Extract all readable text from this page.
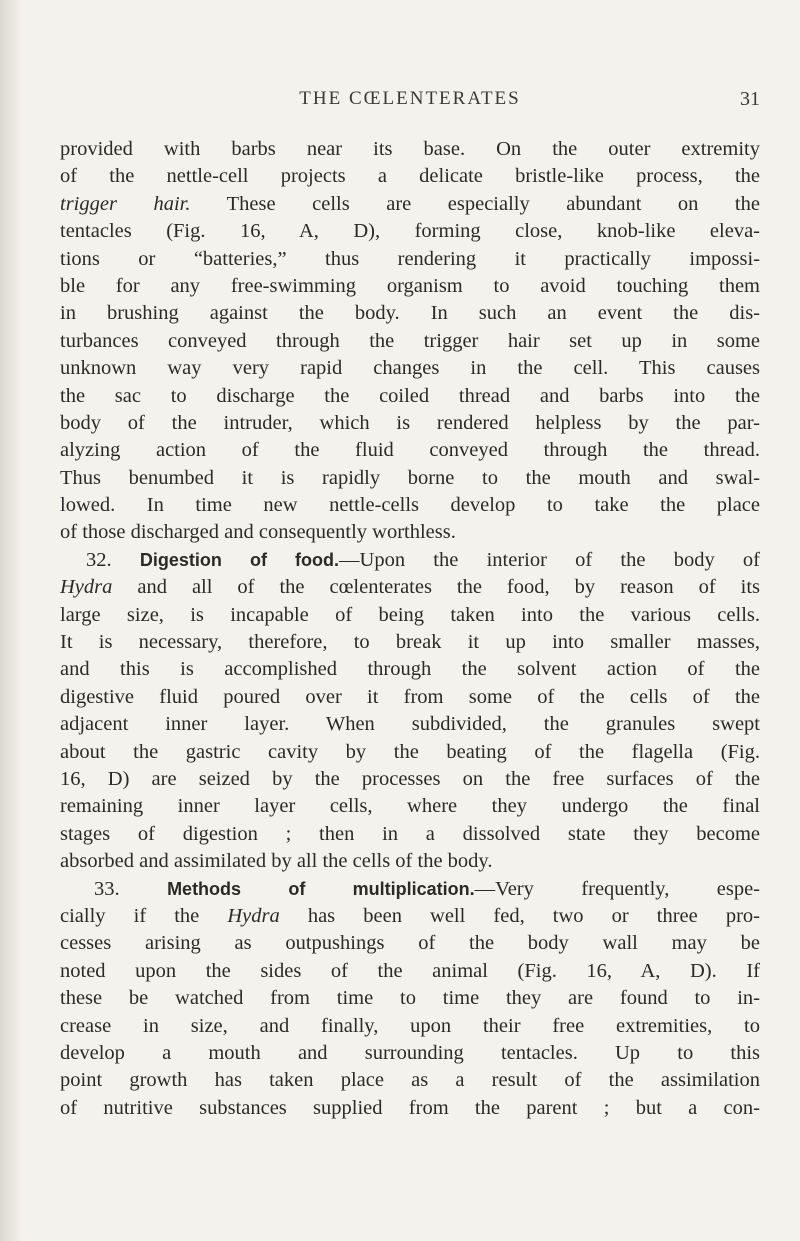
THE CŒLENTERATES	31
provided with barbs near its base. On the outer extremity
of the nettle-cell projects a delicate bristle-like process, the
trigger hair. These cells are especially abundant on the
tentacles (Fig. 16, A, D), forming close, knob-like eleva-
tions or “batteries,” thus rendering it practically impossi-
ble for any free-swimming organism to avoid touching them
in brushing against the body. In such an event the dis-
turbances conveyed through the trigger hair set up in some
unknown way very rapid changes in the cell. This causes
the sac to discharge the coiled thread and barbs into the
body of the intruder, which is rendered helpless by the par-
alyzing action of the fluid conveyed through the thread.
Thus benumbed it is rapidly borne to the mouth and swal-
lowed. In time new nettle-cells develop to take the place
of those discharged and consequently worthless.
32. Digestion of food.—Upon the interior of the body of
Hydra and all of the cœlenterates the food, by reason of its
large size, is incapable of being taken into the various cells.
It is necessary, therefore, to break it up into smaller masses,
and this is accomplished through the solvent action of the
digestive fluid poured over it from some of the cells of the
adjacent inner layer. When subdivided, the granules swept
about the gastric cavity by the beating of the flagella (Fig.
16, D) are seized by the processes on the free surfaces of the
remaining inner layer cells, where they undergo the final
stages of digestion ; then in a dissolved state they become
absorbed and assimilated by all the cells of the body.
33.	Methods of multiplication.—Very frequently, espe-
cially if the Hydra has been well fed, two or three pro-
cesses arising as outpushings of the body wall may be
noted upon the sides of the animal (Fig. 16, A, D). If
these be watched from time to time they are found to in-
crease in size, and finally, upon their free extremities, to
develop a mouth and surrounding tentacles. Up to this
point growth has taken place as a result of the assimilation
of nutritive substances supplied from the parent ; but a con-
